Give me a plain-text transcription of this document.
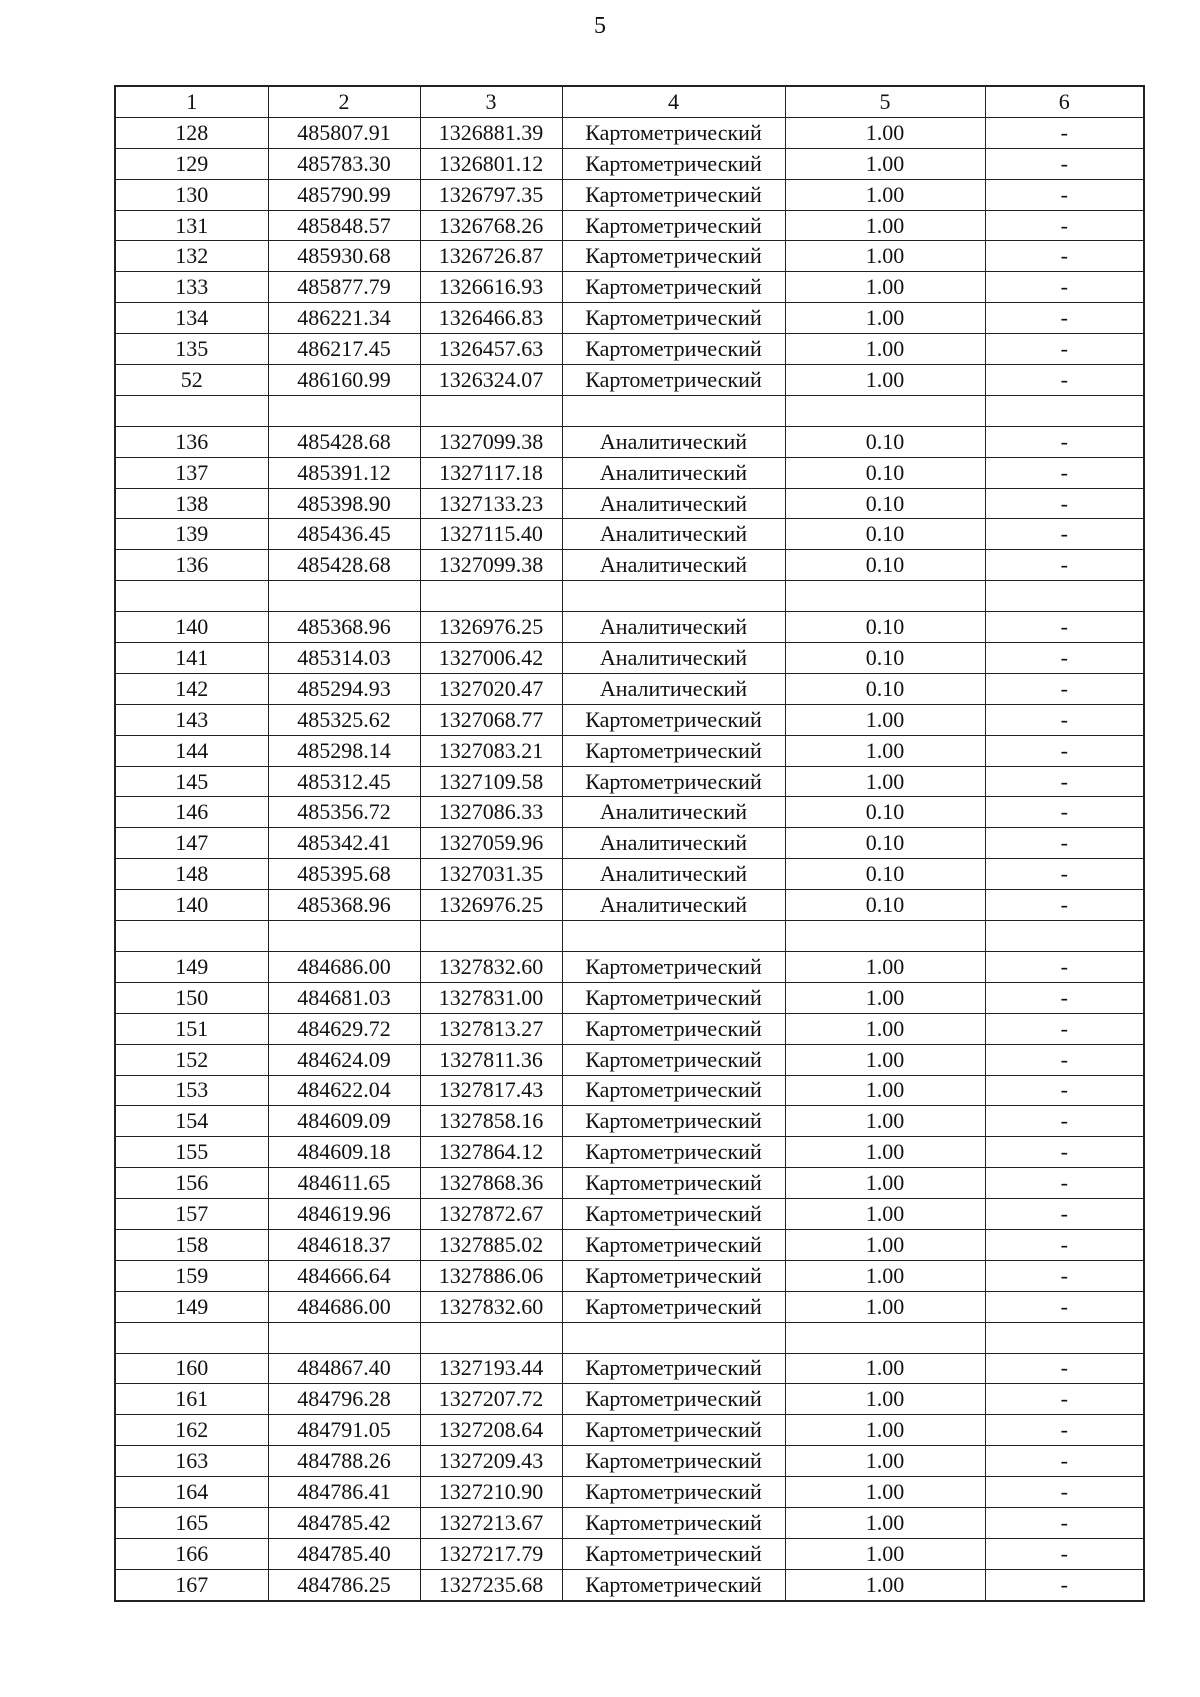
5
1	2	3	4	5	6
128	485807.91	1326881.39	Картометрический	1.00	-
129	485783.30	1326801.12	Картометрический	1.00	-
130	485790.99	1326797.35	Картометрический	1.00	-
131	485848.57	1326768.26	Картометрический	1.00	-
132	485930.68	1326726.87	Картометрический	1.00	-
133	485877.79	1326616.93	Картометрический	1.00	-
134	486221.34	1326466.83	Картометрический	1.00	-
135	486217.45	1326457.63	Картометрический	1.00	-
52	486160.99	1326324.07	Картометрический	1.00	-

136	485428.68	1327099.38	Аналитический	0.10	-
137	485391.12	1327117.18	Аналитический	0.10	-
138	485398.90	1327133.23	Аналитический	0.10	-
139	485436.45	1327115.40	Аналитический	0.10	-
136	485428.68	1327099.38	Аналитический	0.10	-

140	485368.96	1326976.25	Аналитический	0.10	-
141	485314.03	1327006.42	Аналитический	0.10	-
142	485294.93	1327020.47	Аналитический	0.10	-
143	485325.62	1327068.77	Картометрический	1.00	-
144	485298.14	1327083.21	Картометрический	1.00	-
145	485312.45	1327109.58	Картометрический	1.00	-
146	485356.72	1327086.33	Аналитический	0.10	-
147	485342.41	1327059.96	Аналитический	0.10	-
148	485395.68	1327031.35	Аналитический	0.10	-
140	485368.96	1326976.25	Аналитический	0.10	-

149	484686.00	1327832.60	Картометрический	1.00	-
150	484681.03	1327831.00	Картометрический	1.00	-
151	484629.72	1327813.27	Картометрический	1.00	-
152	484624.09	1327811.36	Картометрический	1.00	-
153	484622.04	1327817.43	Картометрический	1.00	-
154	484609.09	1327858.16	Картометрический	1.00	-
155	484609.18	1327864.12	Картометрический	1.00	-
156	484611.65	1327868.36	Картометрический	1.00	-
157	484619.96	1327872.67	Картометрический	1.00	-
158	484618.37	1327885.02	Картометрический	1.00	-
159	484666.64	1327886.06	Картометрический	1.00	-
149	484686.00	1327832.60	Картометрический	1.00	-

160	484867.40	1327193.44	Картометрический	1.00	-
161	484796.28	1327207.72	Картометрический	1.00	-
162	484791.05	1327208.64	Картометрический	1.00	-
163	484788.26	1327209.43	Картометрический	1.00	-
164	484786.41	1327210.90	Картометрический	1.00	-
165	484785.42	1327213.67	Картометрический	1.00	-
166	484785.40	1327217.79	Картометрический	1.00	-
167	484786.25	1327235.68	Картометрический	1.00	-
